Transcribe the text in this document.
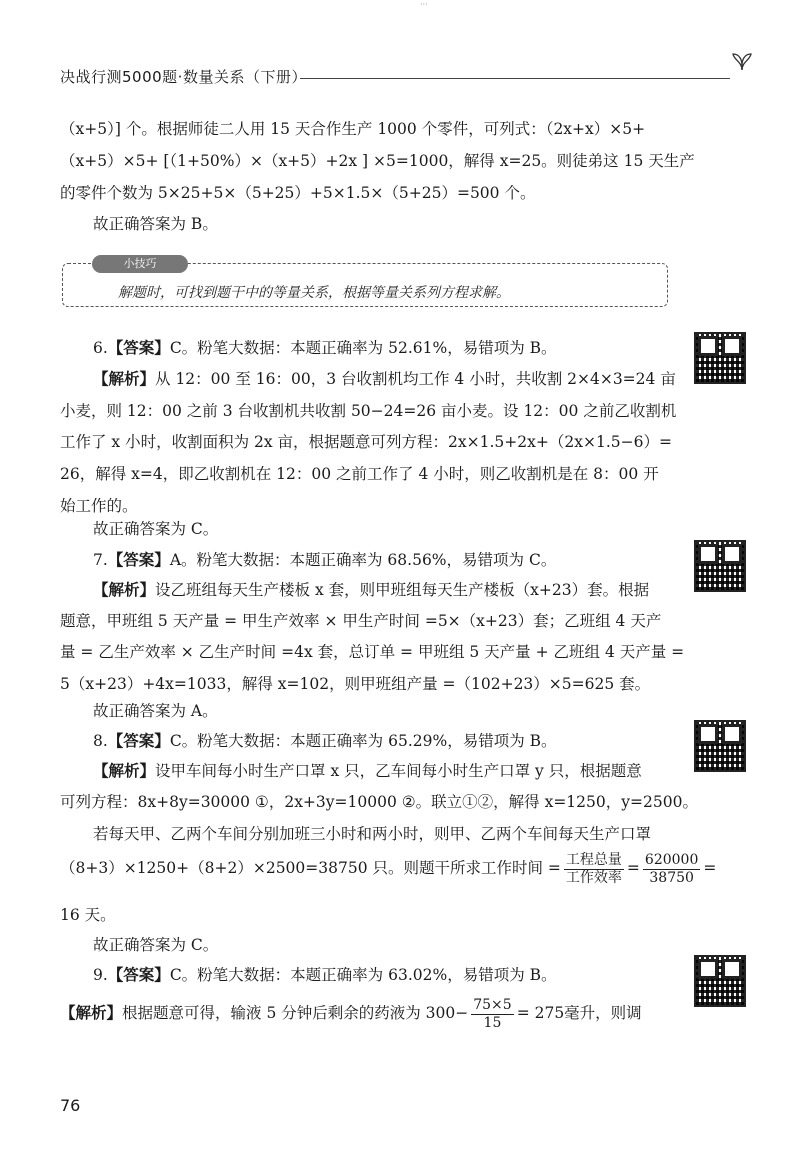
···
决战行测5000题·数量关系（下册）
（x+5）] 个。根据师徒二人用 15 天合作生产 1000 个零件，可列式：（2x+x）×5+
（x+5）×5+ [（1+50%）×（x+5）+2x ] ×5=1000，解得 x=25。则徒弟这 15 天生产
的零件个数为 5×25+5×（5+25）+5×1.5×（5+25）=500 个。
故正确答案为 B。
小技巧
解题时，可找到题干中的等量关系，根据等量关系列方程求解。
6.【答案】C。粉笔大数据：本题正确率为 52.61%，易错项为 B。
【解析】从 12：00 至 16：00，3 台收割机均工作 4 小时，共收割 2×4×3=24 亩
小麦，则 12：00 之前 3 台收割机共收割 50−24=26 亩小麦。设 12：00 之前乙收割机
工作了 x 小时，收割面积为 2x 亩，根据题意可列方程：2x×1.5+2x+（2x×1.5−6）=
26，解得 x=4，即乙收割机在 12：00 之前工作了 4 小时，则乙收割机是在 8：00 开
始工作的。
故正确答案为 C。
7.【答案】A。粉笔大数据：本题正确率为 68.56%，易错项为 C。
【解析】设乙班组每天生产楼板 x 套，则甲班组每天生产楼板（x+23）套。根据
题意，甲班组 5 天产量 = 甲生产效率 × 甲生产时间 =5×（x+23）套；乙班组 4 天产
量 = 乙生产效率 × 乙生产时间 =4x 套，总订单 = 甲班组 5 天产量 + 乙班组 4 天产量 =
5（x+23）+4x=1033，解得 x=102，则甲班组产量 =（102+23）×5=625 套。
故正确答案为 A。
8.【答案】C。粉笔大数据：本题正确率为 65.29%，易错项为 B。
【解析】设甲车间每小时生产口罩 x 只，乙车间每小时生产口罩 y 只，根据题意
可列方程：8x+8y=30000 ①，2x+3y=10000 ②。联立①②，解得 x=1250，y=2500。
若每天甲、乙两个车间分别加班三小时和两小时，则甲、乙两个车间每天生产口罩
（8+3）×1250+（8+2）×2500=38750 只。则题干所求工作时间 = $\frac{\text{工程总量}}{\text{工作效率}} = \frac{620000}{38750}$ =
16 天。
故正确答案为 C。
9.【答案】C。粉笔大数据：本题正确率为 63.02%，易错项为 B。
【解析】根据题意可得，输液 5 分钟后剩余的药液为 $300- \frac{75\times 5}{15} = 275$毫升，则调
76
